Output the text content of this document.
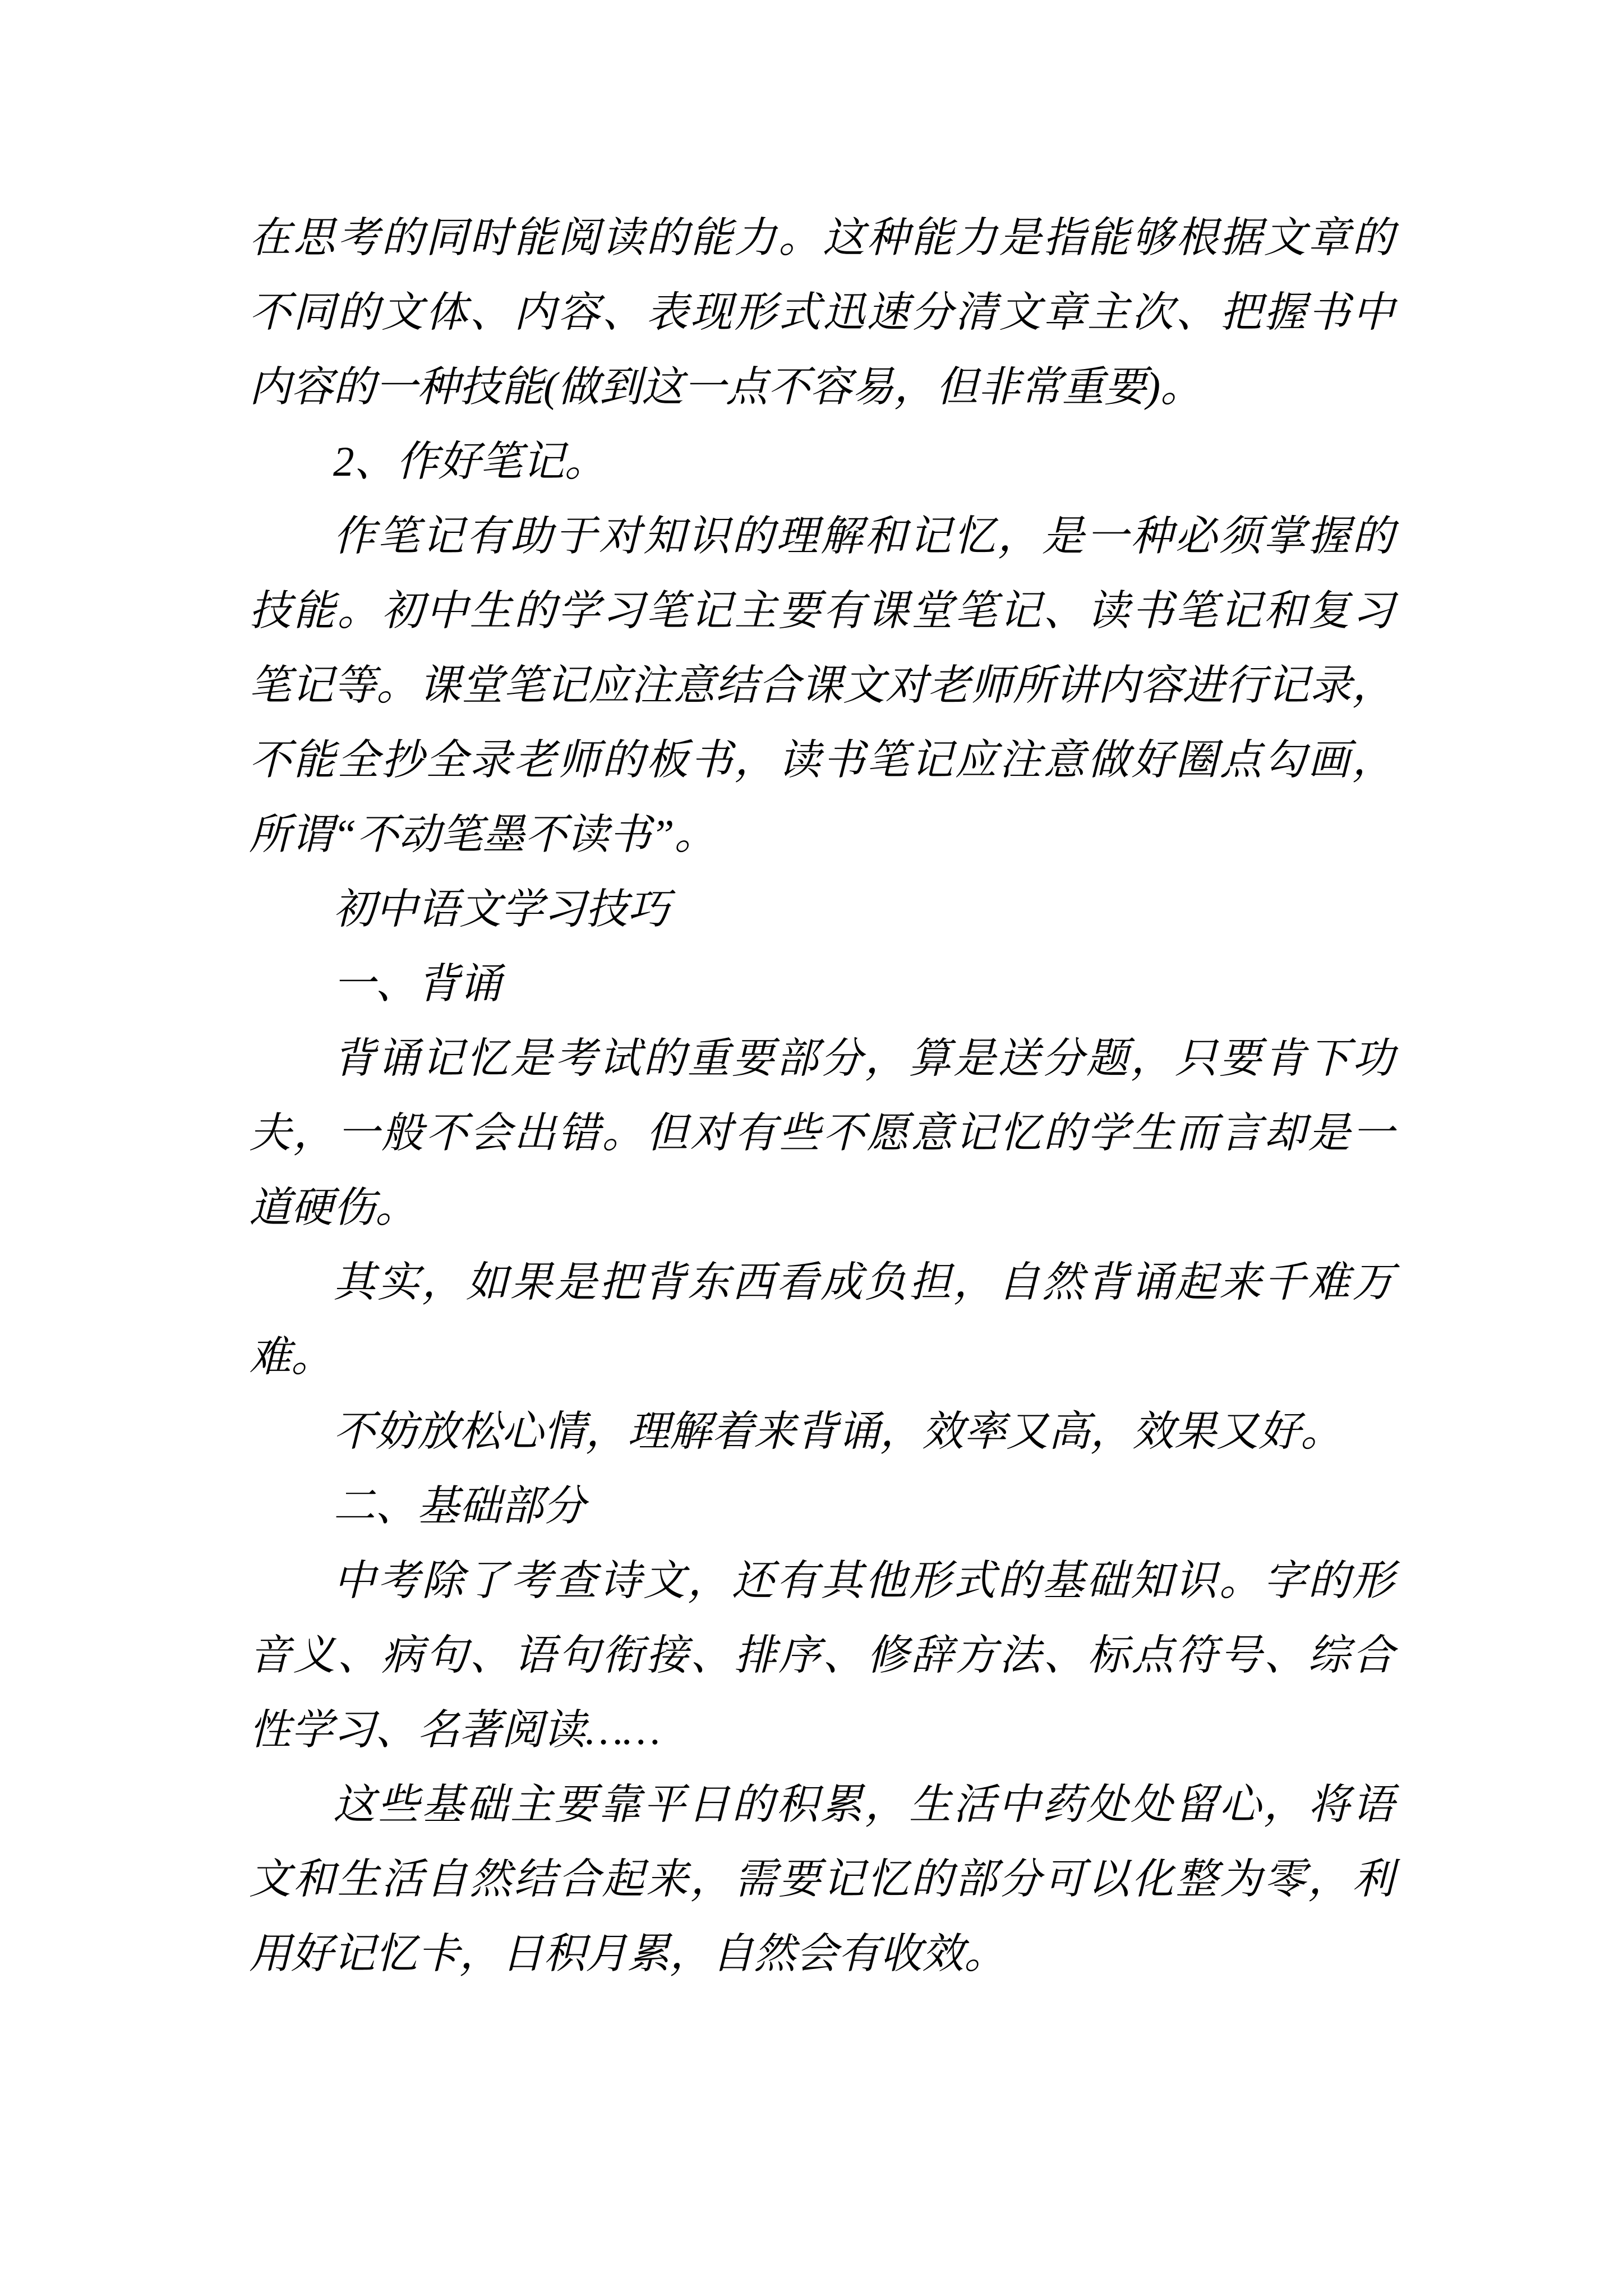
在思考的同时能阅读的能力。这种能力是指能够根据文章的
不同的文体、内容、表现形式迅速分清文章主次、把握书中
内容的一种技能(做到这一点不容易，但非常重要)。
2、作好笔记。
作笔记有助于对知识的理解和记忆，是一种必须掌握的
技能。初中生的学习笔记主要有课堂笔记、读书笔记和复习
笔记等。课堂笔记应注意结合课文对老师所讲内容进行记录，
不能全抄全录老师的板书，读书笔记应注意做好圈点勾画，
所谓“不动笔墨不读书”。
初中语文学习技巧
一、背诵
背诵记忆是考试的重要部分，算是送分题，只要肯下功
夫，一般不会出错。但对有些不愿意记忆的学生而言却是一
道硬伤。
其实，如果是把背东西看成负担，自然背诵起来千难万
难。
不妨放松心情，理解着来背诵，效率又高，效果又好。
二、基础部分
中考除了考查诗文，还有其他形式的基础知识。字的形
音义、病句、语句衔接、排序、修辞方法、标点符号、综合
性学习、名著阅读……
这些基础主要靠平日的积累，生活中药处处留心，将语
文和生活自然结合起来，需要记忆的部分可以化整为零，利
用好记忆卡，日积月累，自然会有收效。
